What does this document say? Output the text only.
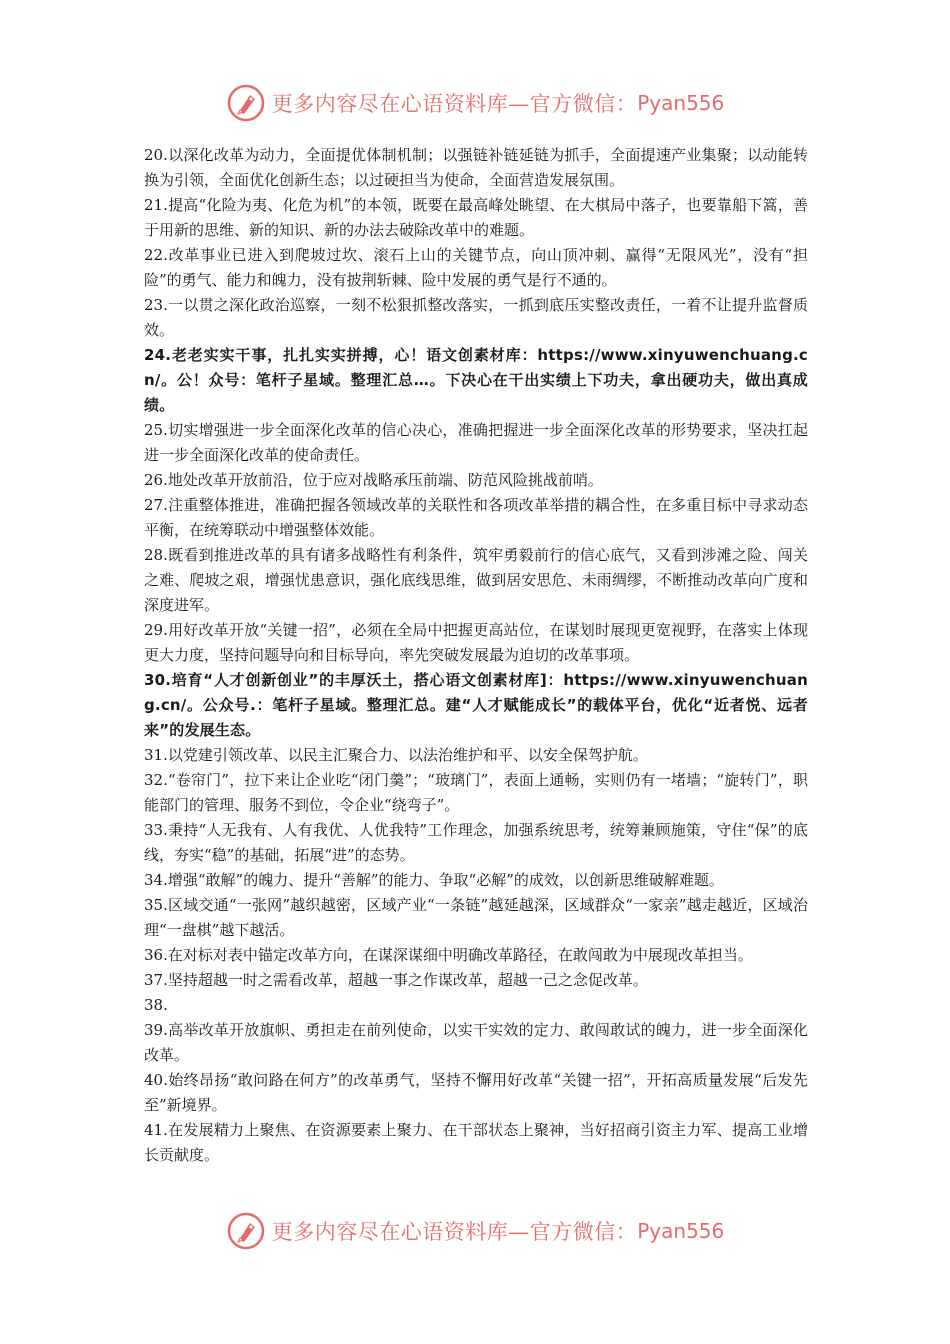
更多内容尽在心语资料库—官方微信： Pyan556

20.以深化改革为动力，全面提优体制机制；以强链补链延链为抓手，全面提速产业集聚；以动能转换为引领，全面优化创新生态；以过硬担当为使命，全面营造发展氛围。

21.提高“化险为夷、化危为机”的本领，既要在最高峰处眺望、在大棋局中落子，也要靠船下篙，善于用新的思维、新的知识、新的办法去破除改革中的难题。

22.改革事业已进入到爬坡过坎、滚石上山的关键节点，向山顶冲刺、赢得“无限风光”，没有“担险”的勇气、能力和魄力，没有披荆斩棘、险中发展的勇气是行不通的。

23.一以贯之深化政治巡察，一刻不松狠抓整改落实，一抓到底压实整改责任，一着不让提升监督质效。

24.老老实实干事，扎扎实实拼搏，心！语文创素材库：https://www.xinyuwenchuang.cn/。公！众号：笔杆子星域。整理汇总…。下决心在干出实绩上下功夫，拿出硬功夫，做出真成绩。

25.切实增强进一步全面深化改革的信心决心，准确把握进一步全面深化改革的形势要求，坚决扛起进一步全面深化改革的使命责任。

26.地处改革开放前沿，位于应对战略承压前端、防范风险挑战前哨。

27.注重整体推进，准确把握各领域改革的关联性和各项改革举措的耦合性，在多重目标中寻求动态平衡，在统筹联动中增强整体效能。

28.既看到推进改革的具有诸多战略性有利条件，筑牢勇毅前行的信心底气，又看到涉滩之险、闯关之难、爬坡之艰，增强忧患意识，强化底线思维，做到居安思危、未雨绸缪，不断推动改革向广度和深度进军。

29.用好改革开放“关键一招”，必须在全局中把握更高站位，在谋划时展现更宽视野，在落实上体现更大力度，坚持问题导向和目标导向，率先突破发展最为迫切的改革事项。

30.培育“人才创新创业”的丰厚沃土，搭心语文创素材库]：https://www.xinyuwenchuang.cn/。公众号.：笔杆子星域。整理汇总。建“人才赋能成长”的载体平台，优化“近者悦、远者来”的发展生态。

31.以党建引领改革、以民主汇聚合力、以法治维护和平、以安全保驾护航。

32.“卷帘门”，拉下来让企业吃“闭门羹”；“玻璃门”，表面上通畅，实则仍有一堵墙；“旋转门”，职能部门的管理、服务不到位，令企业“绕弯子”。

33.秉持“人无我有、人有我优、人优我特”工作理念，加强系统思考，统筹兼顾施策，守住“保”的底线，夯实“稳”的基础，拓展“进”的态势。

34.增强“敢解”的魄力、提升“善解”的能力、争取“必解”的成效，以创新思维破解难题。

35.区域交通“一张网”越织越密，区域产业“一条链”越延越深，区域群众“一家亲”越走越近，区域治理“一盘棋”越下越活。

36.在对标对表中锚定改革方向，在谋深谋细中明确改革路径，在敢闯敢为中展现改革担当。

37.坚持超越一时之需看改革，超越一事之作谋改革，超越一己之念促改革。

38.

39.高举改革开放旗帜、勇担走在前列使命，以实干实效的定力、敢闯敢试的魄力，进一步全面深化改革。

40.始终昂扬“敢问路在何方”的改革勇气，坚持不懈用好改革“关键一招”，开拓高质量发展“后发先至”新境界。

41.在发展精力上聚焦、在资源要素上聚力、在干部状态上聚神，当好招商引资主力军、提高工业增长贡献度。

更多内容尽在心语资料库—官方微信： Pyan556
